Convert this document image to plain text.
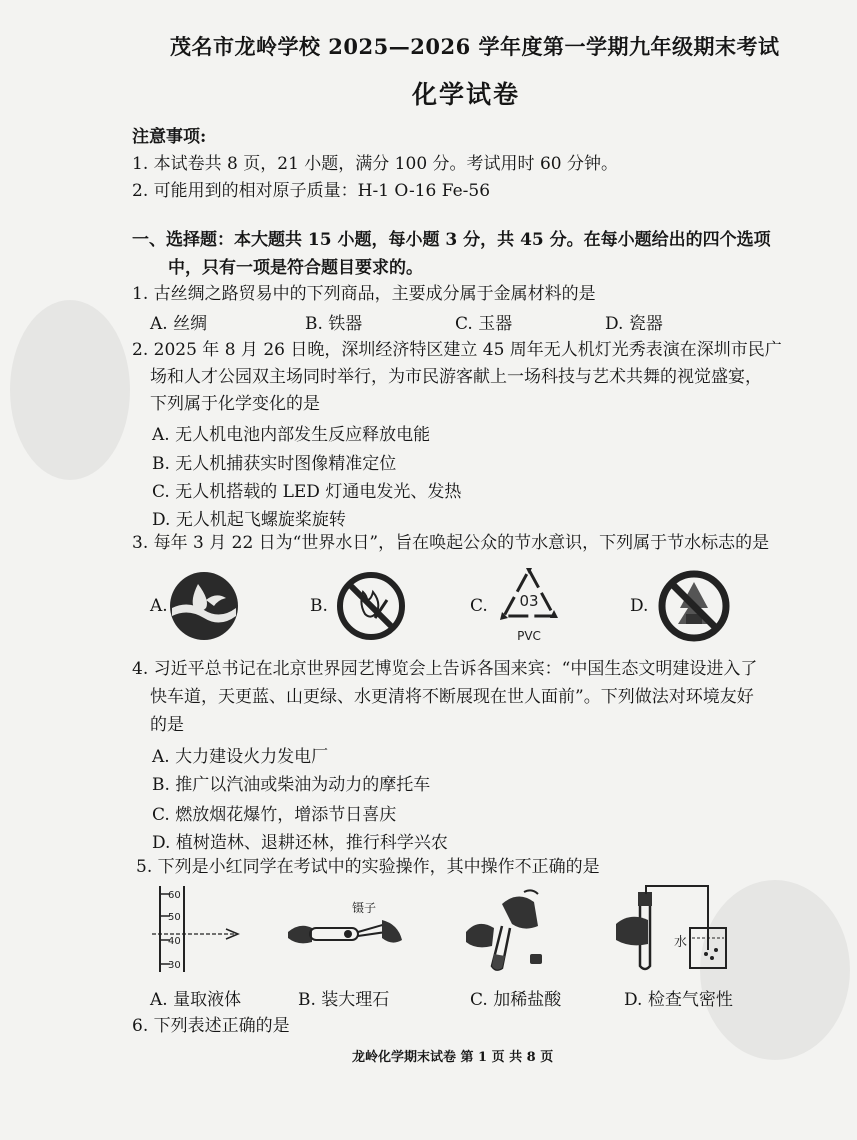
茂名市龙岭学校 2025—2026 学年度第一学期九年级期末考试
化学试卷
注意事项:
1. 本试卷共 8 页，21 小题，满分 100 分。考试用时 60 分钟。
2. 可能用到的相对原子质量：H-1 O-16 Fe-56
一、选择题：本大题共 15 小题，每小题 3 分，共 45 分。在每小题给出的四个选项
中，只有一项是符合题目要求的。
1. 古丝绸之路贸易中的下列商品，主要成分属于金属材料的是
A. 丝绸	B. 铁器	C. 玉器	D. 瓷器
2. 2025 年 8 月 26 日晚，深圳经济特区建立 45 周年无人机灯光秀表演在深圳市民广
场和人才公园双主场同时举行，为市民游客献上一场科技与艺术共舞的视觉盛宴，
下列属于化学变化的是
A. 无人机电池内部发生反应释放电能
B. 无人机捕获实时图像精准定位
C. 无人机搭载的 LED 灯通电发光、发热
D. 无人机起飞螺旋桨旋转
3. 每年 3 月 22 日为“世界水日”，旨在唤起公众的节水意识，下列属于节水标志的是
A.	B.	C. 03
PVC
D.
4. 习近平总书记在北京世界园艺博览会上告诉各国来宾：“中国生态文明建设进入了
快车道，天更蓝、山更绿、水更清将不断展现在世人面前”。下列做法对环境友好
的是
A. 大力建设火力发电厂
B. 推广以汽油或柴油为动力的摩托车
C. 燃放烟花爆竹，增添节日喜庆
D. 植树造林、退耕还林，推行科学兴农
5. 下列是小红同学在考试中的实验操作，其中操作不正确的是
60
50
40
30
镊子
水
A. 量取液体	B. 装大理石	C. 加稀盐酸	D. 检查气密性
6. 下列表述正确的是
龙岭化学期末试卷 第 1 页 共 8 页
